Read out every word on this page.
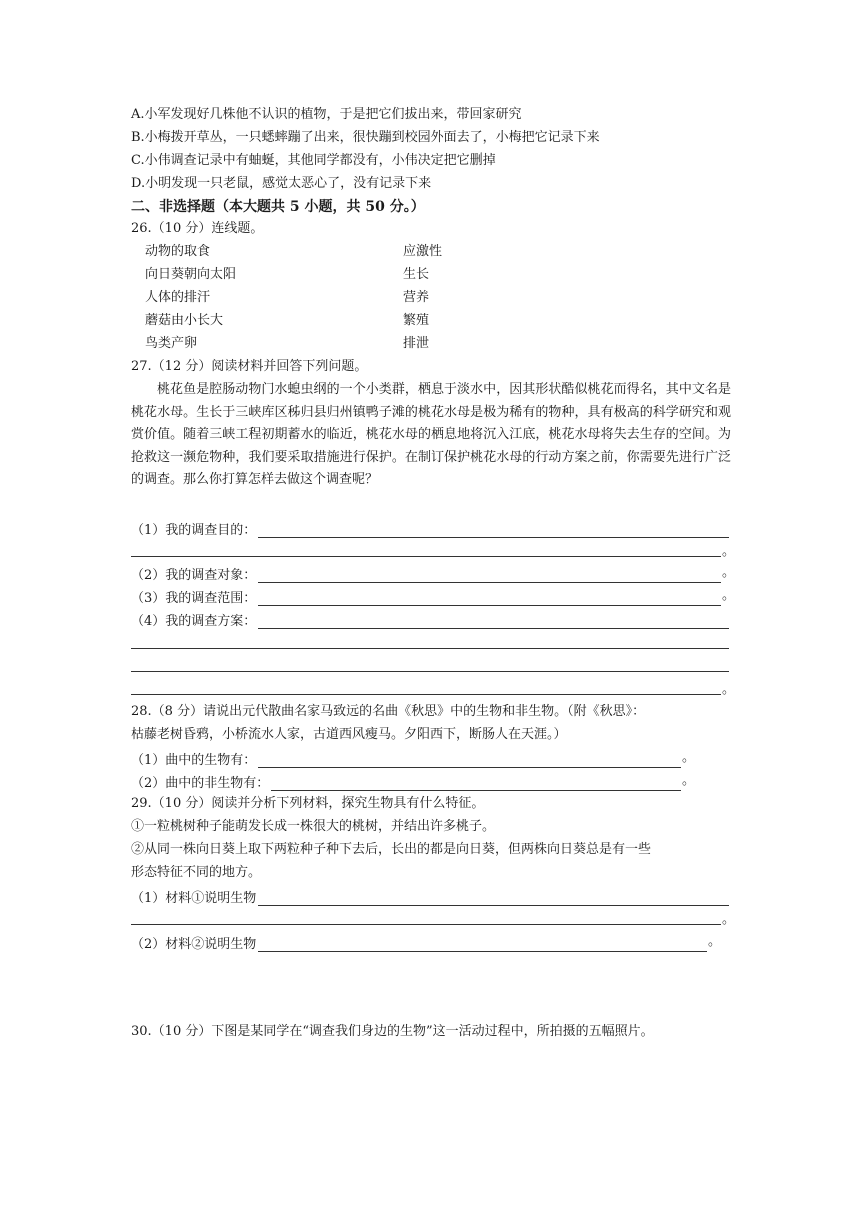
A.小军发现好几株他不认识的植物，于是把它们拔出来，带回家研究
B.小梅拨开草丛，一只蟋蟀蹦了出来，很快蹦到校园外面去了，小梅把它记录下来
C.小伟调查记录中有蚰蜒，其他同学都没有，小伟决定把它删掉
D.小明发现一只老鼠，感觉太恶心了，没有记录下来
二、非选择题（本大题共 5 小题，共 50 分。）
26.（10 分）连线题。
动物的取食	应激性
向日葵朝向太阳	生长
人体的排汗	营养
蘑菇由小长大	繁殖
鸟类产卵	排泄
27.（12 分）阅读材料并回答下列问题。
桃花鱼是腔肠动物门水螅虫纲的一个小类群，栖息于淡水中，因其形状酷似桃花而得名，其中文名是桃花水母。生长于三峡库区秭归县归州镇鸭子滩的桃花水母是极为稀有的物种，具有极高的科学研究和观赏价值。随着三峡工程初期蓄水的临近，桃花水母的栖息地将沉入江底，桃花水母将失去生存的空间。为抢救这一濒危物种，我们要采取措施进行保护。在制订保护桃花水母的行动方案之前，你需要先进行广泛的调查。那么你打算怎样去做这个调查呢？
（1）我的调查目的：
。
（2）我的调查对象：	。
（3）我的调查范围：	。
（4）我的调查方案：
。
28.（8 分）请说出元代散曲名家马致远的名曲《秋思》中的生物和非生物。（附《秋思》：
枯藤老树昏鸦，小桥流水人家，古道西风瘦马。夕阳西下，断肠人在天涯。）
（1）曲中的生物有：	。
（2）曲中的非生物有：	。
29.（10 分）阅读并分析下列材料，探究生物具有什么特征。
①一粒桃树种子能萌发长成一株很大的桃树，并结出许多桃子。
②从同一株向日葵上取下两粒种子种下去后，长出的都是向日葵，但两株向日葵总是有一些
形态特征不同的地方。
（1）材料①说明生物
。
（2）材料②说明生物	。
30.（10 分）下图是某同学在“调查我们身边的生物”这一活动过程中，所拍摄的五幅照片。
